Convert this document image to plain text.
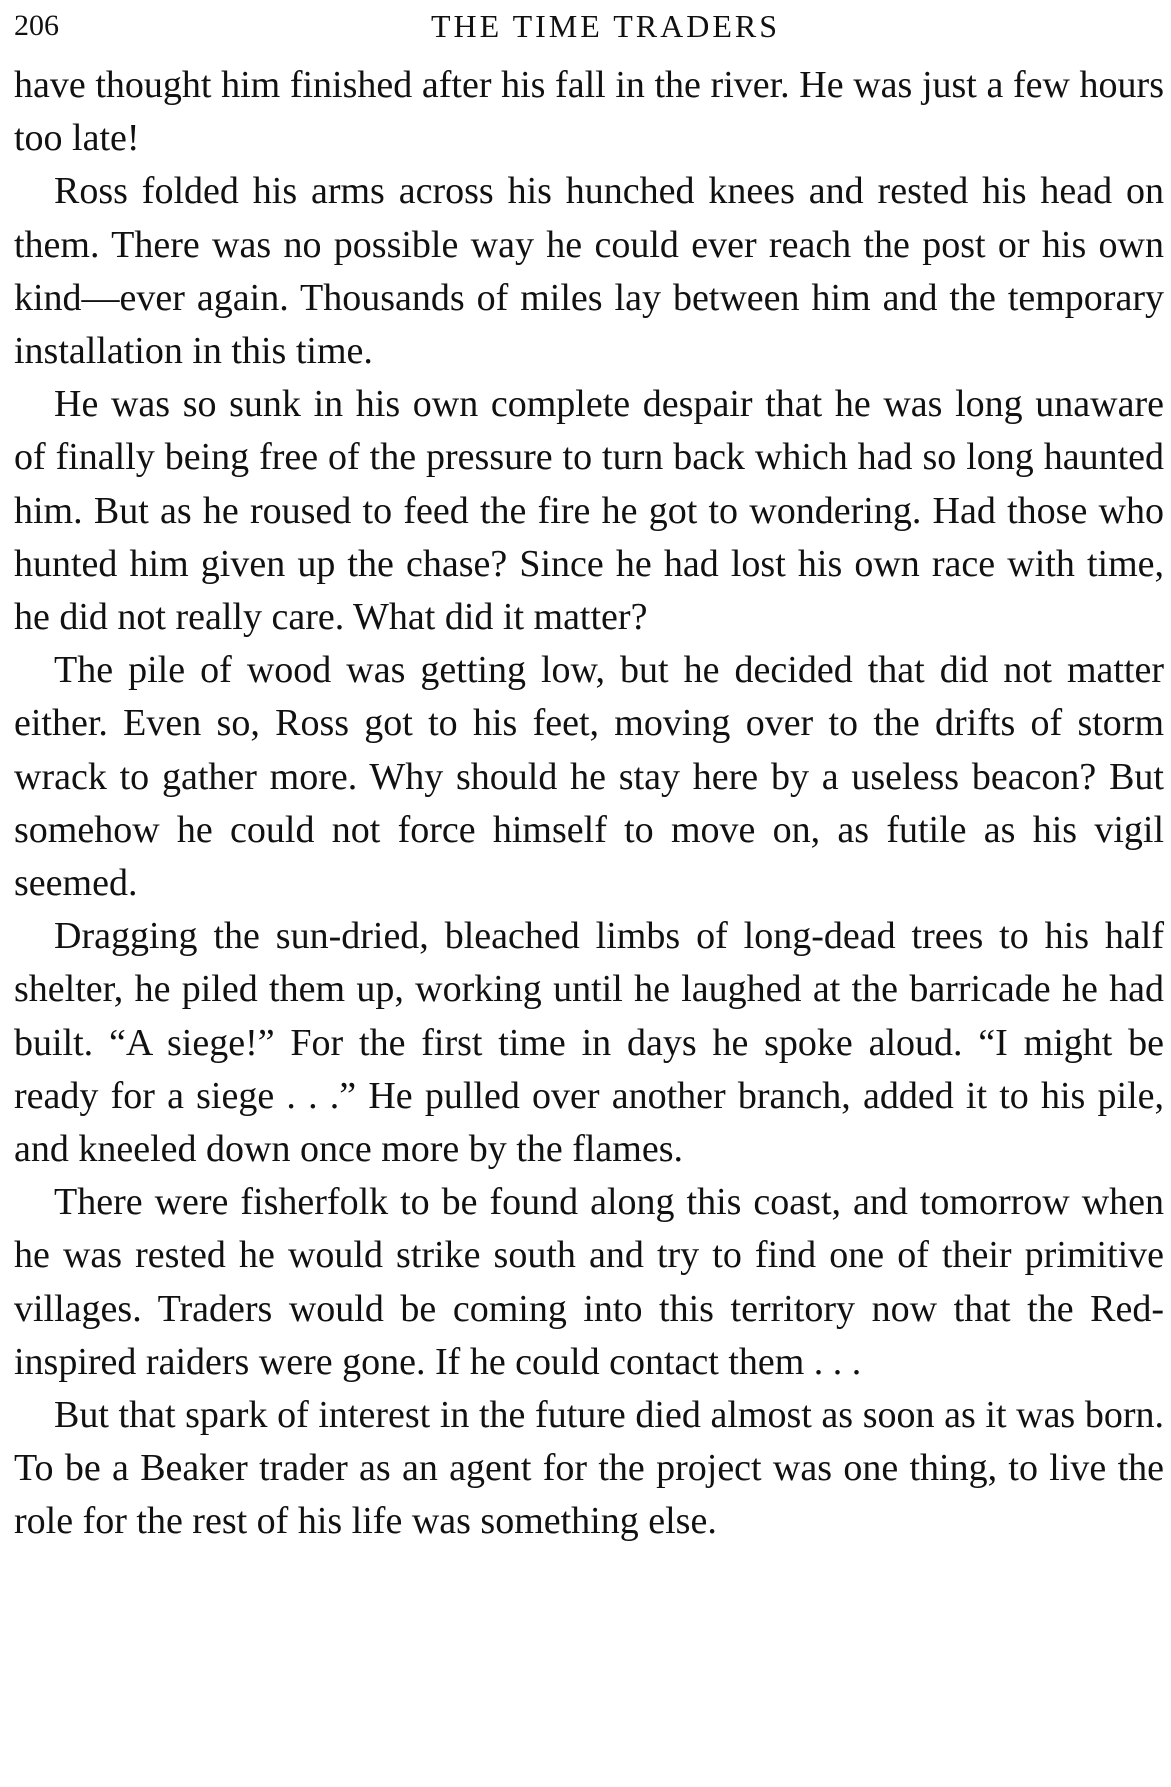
206	THE TIME TRADERS

have thought him finished after his fall in the river. He was just a few hours too late!

Ross folded his arms across his hunched knees and rested his head on them. There was no possible way he could ever reach the post or his own kind—ever again. Thousands of miles lay between him and the temporary installation in this time.

He was so sunk in his own complete despair that he was long unaware of finally being free of the pressure to turn back which had so long haunted him. But as he roused to feed the fire he got to wondering. Had those who hunted him given up the chase? Since he had lost his own race with time, he did not really care. What did it matter?

The pile of wood was getting low, but he decided that did not matter either. Even so, Ross got to his feet, moving over to the drifts of storm wrack to gather more. Why should he stay here by a useless beacon? But somehow he could not force himself to move on, as futile as his vigil seemed.

Dragging the sun-dried, bleached limbs of long-dead trees to his half shelter, he piled them up, working until he laughed at the barricade he had built. “A siege!” For the first time in days he spoke aloud. “I might be ready for a siege . . .” He pulled over another branch, added it to his pile, and kneeled down once more by the flames.

There were fisherfolk to be found along this coast, and tomorrow when he was rested he would strike south and try to find one of their primitive villages. Traders would be coming into this territory now that the Red-inspired raiders were gone. If he could contact them . . .

But that spark of interest in the future died almost as soon as it was born. To be a Beaker trader as an agent for the project was one thing, to live the role for the rest of his life was something else.
